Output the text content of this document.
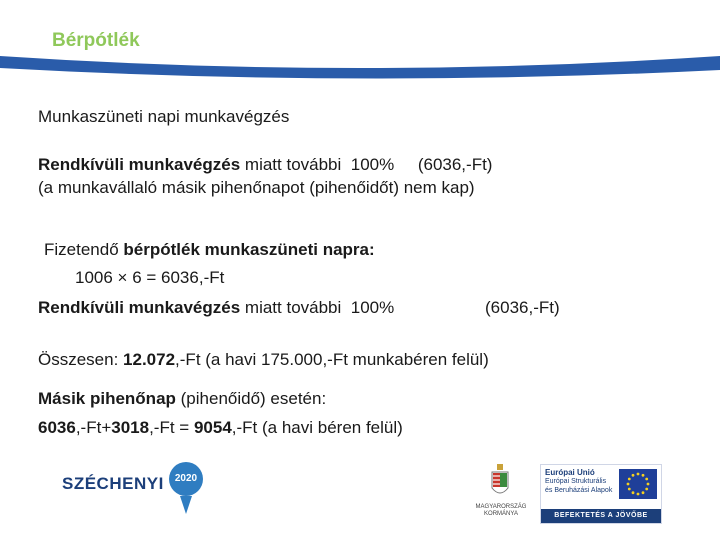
Bérpótlék
Munkaszüneti napi munkavégzés
Rendkívüli munkavégzés miatt további  100%     (6036,-Ft)
(a munkavállaló másik pihenőnapot (pihenőidőt) nem kap)
Fizetendő bérpótlék munkaszüneti napra:
1006 × 6 = 6036,-Ft
Rendkívüli munkavégzés miatt további  100%	(6036,-Ft)
Összesen: 12.072,-Ft (a havi 175.000,-Ft munkabéren felül)
Másik pihenőnap (pihenőidő) esetén:
6036,-Ft+3018,-Ft = 9054,-Ft (a havi béren felül)
SZÉCHENYI	2020
MAGYARORSZÁG
KORMÁNYA
Európai Unió
Európai Strukturális
és Beruházási Alapok
BEFEKTETÉS A JÖVŐBE
